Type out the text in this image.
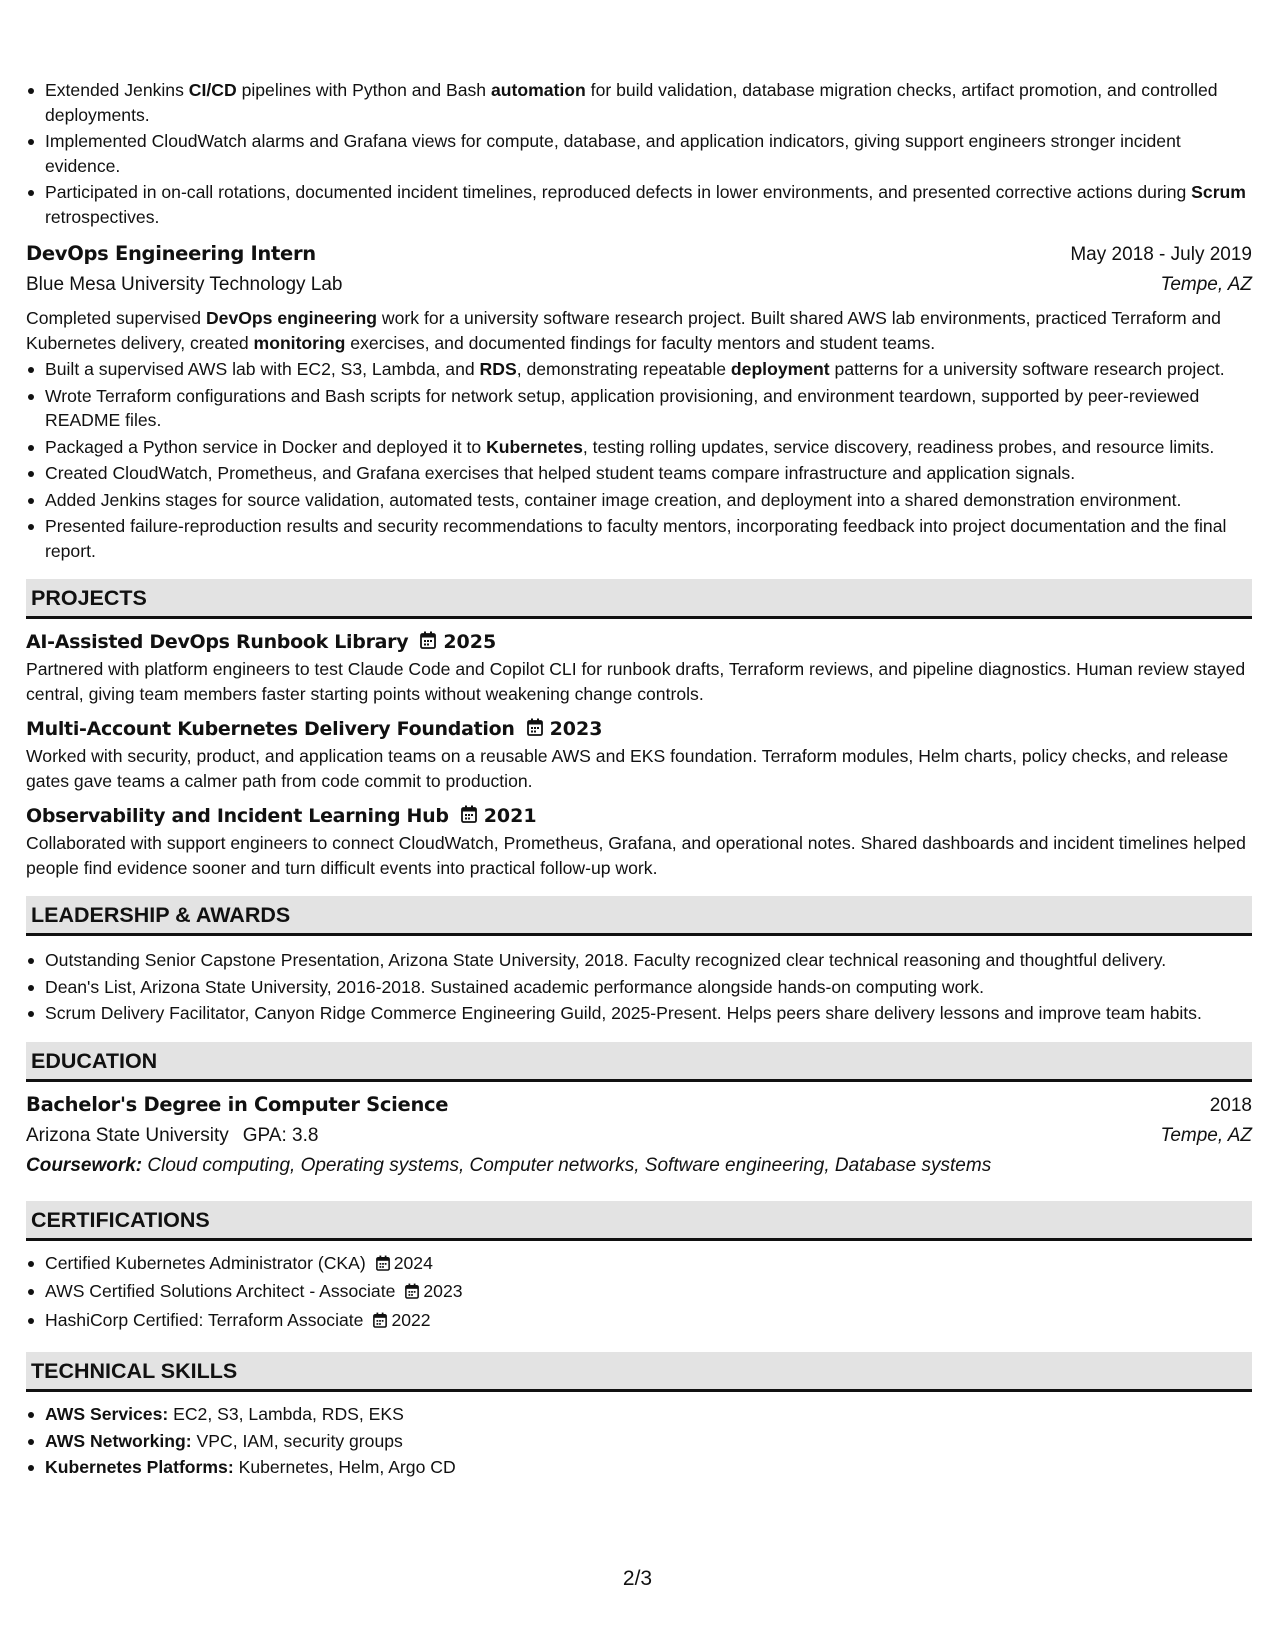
Extended Jenkins CI/CD pipelines with Python and Bash automation for build validation, database migration checks, artifact promotion, and controlled deployments.
Implemented CloudWatch alarms and Grafana views for compute, database, and application indicators, giving support engineers stronger incident evidence.
Participated in on-call rotations, documented incident timelines, reproduced defects in lower environments, and presented corrective actions during Scrum retrospectives.
DevOps Engineering Intern	May 2018 - July 2019
Blue Mesa University Technology Lab	Tempe, AZ
Completed supervised DevOps engineering work for a university software research project. Built shared AWS lab environments, practiced Terraform and Kubernetes delivery, created monitoring exercises, and documented findings for faculty mentors and student teams.
Built a supervised AWS lab with EC2, S3, Lambda, and RDS, demonstrating repeatable deployment patterns for a university software research project.
Wrote Terraform configurations and Bash scripts for network setup, application provisioning, and environment teardown, supported by peer-reviewed README files.
Packaged a Python service in Docker and deployed it to Kubernetes, testing rolling updates, service discovery, readiness probes, and resource limits.
Created CloudWatch, Prometheus, and Grafana exercises that helped student teams compare infrastructure and application signals.
Added Jenkins stages for source validation, automated tests, container image creation, and deployment into a shared demonstration environment.
Presented failure-reproduction results and security recommendations to faculty mentors, incorporating feedback into project documentation and the final report.
PROJECTS
AI-Assisted DevOps Runbook Library 2025
Partnered with platform engineers to test Claude Code and Copilot CLI for runbook drafts, Terraform reviews, and pipeline diagnostics. Human review stayed central, giving team members faster starting points without weakening change controls.
Multi-Account Kubernetes Delivery Foundation 2023
Worked with security, product, and application teams on a reusable AWS and EKS foundation. Terraform modules, Helm charts, policy checks, and release gates gave teams a calmer path from code commit to production.
Observability and Incident Learning Hub 2021
Collaborated with support engineers to connect CloudWatch, Prometheus, Grafana, and operational notes. Shared dashboards and incident timelines helped people find evidence sooner and turn difficult events into practical follow-up work.
LEADERSHIP & AWARDS
Outstanding Senior Capstone Presentation, Arizona State University, 2018. Faculty recognized clear technical reasoning and thoughtful delivery.
Dean's List, Arizona State University, 2016-2018. Sustained academic performance alongside hands-on computing work.
Scrum Delivery Facilitator, Canyon Ridge Commerce Engineering Guild, 2025-Present. Helps peers share delivery lessons and improve team habits.
EDUCATION
Bachelor's Degree in Computer Science	2018
Arizona State University GPA: 3.8	Tempe, AZ
Coursework: Cloud computing, Operating systems, Computer networks, Software engineering, Database systems
CERTIFICATIONS
Certified Kubernetes Administrator (CKA) 2024
AWS Certified Solutions Architect - Associate 2023
HashiCorp Certified: Terraform Associate 2022
TECHNICAL SKILLS
AWS Services: EC2, S3, Lambda, RDS, EKS
AWS Networking: VPC, IAM, security groups
Kubernetes Platforms: Kubernetes, Helm, Argo CD
2/3
